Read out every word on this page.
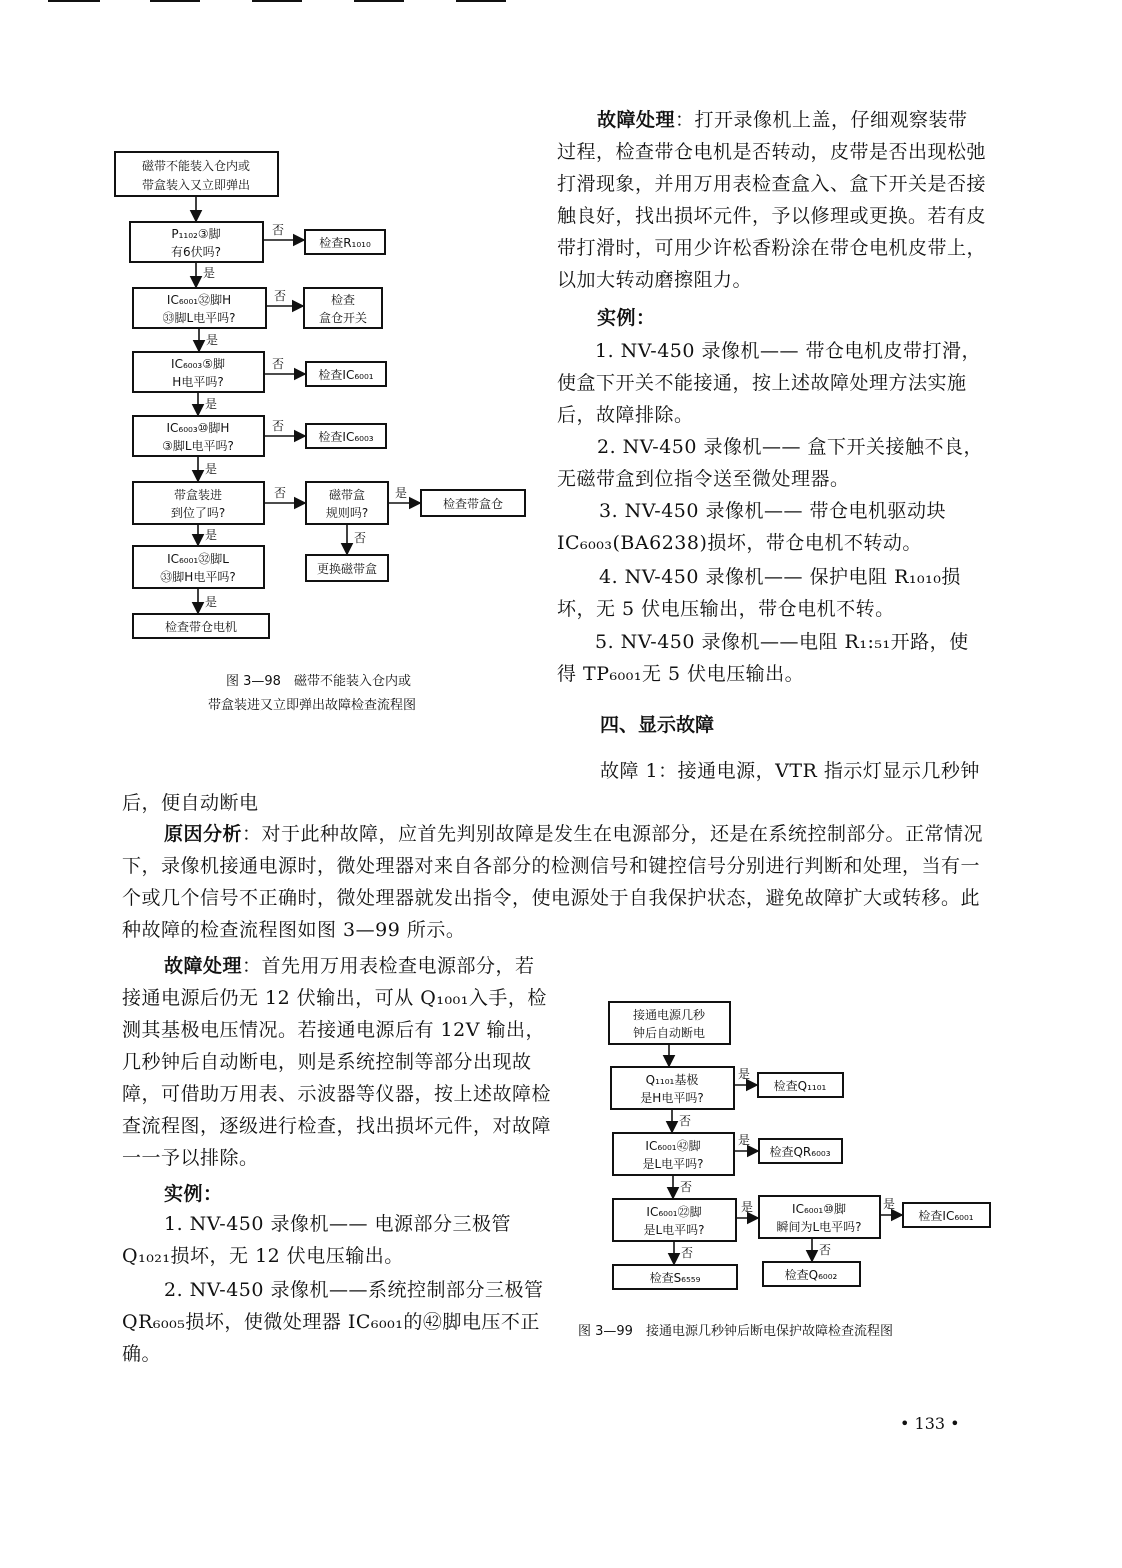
磁带不能装入仓内或
带盒装入又立即弹出
P₁₁₀₂③脚
有6伏吗?
否
检查R₁₀₁₀
是
IC₆₀₀₁㉜脚H
㉝脚L电平吗?
否	检查
盒仓开关
是
IC₆₀₀₃⑤脚
H电平吗?
否
检查IC₆₀₀₁
是
IC₆₀₀₃⑩脚H
③脚L电平吗?
否
检查IC₆₀₀₃
是
带盒装进
到位了吗?
否	磁带盒
规则吗?
是
检查带盒仓
否
更换磁带盒
是
IC₆₀₀₁㉜脚L
㉝脚H电平吗?
是
检查带仓电机
接通电源几秒
钟后自动断电
Q₁₁₀₁基极
是H电平吗?
是
检查Q₁₁₀₁
否
IC₆₀₀₁㊷脚
是L电平吗?
是
检查QR₆₀₀₃
否
IC₆₀₀₁㉒脚
是L电平吗?
是	IC₆₀₀₁⑩脚
瞬间为L电平吗?
是
检查IC₆₀₀₁
否
检查S₆₅₅₉
否
检查Q₆₀₀₂
图 3—98　磁带不能装入仓内或
带盒装进又立即弹出故障检查流程图
图 3—99　接通电源几秒钟后断电保护故障检查流程图

故障处理：打开录像机上盖，仔细观察装带过程，检查带仓电机是否转动，皮带是否出现松弛打滑现象，并用万用表检查盒入、盒下开关是否接触良好，找出损坏元件，予以修理或更换。若有皮带打滑时，可用少许松香粉涂在带仓电机皮带上，以加大转动磨擦阻力。

实例：

1. NV-450 录像机—— 带仓电机皮带打滑，使盒下开关不能接通，按上述故障处理方法实施后，故障排除。

2. NV-450 录像机—— 盒下开关接触不良，无磁带盒到位指令送至微处理器。

3. NV-450 录像机—— 带仓电机驱动块IC₆₀₀₃(BA6238)损坏，带仓电机不转动。

4. NV-450 录像机—— 保护电阻 R₁₀₁₀损坏，无 5 伏电压输出，带仓电机不转。

5. NV-450 录像机——电阻 R₁:₅₁开路，使得 TP₆₀₀₁无 5 伏电压输出。

四、显示故障

故障 1：接通电源，VTR 指示灯显示几秒钟后，便自动断电

原因分析：对于此种故障，应首先判别故障是发生在电源部分，还是在系统控制部分。正常情况下，录像机接通电源时，微处理器对来自各部分的检测信号和键控信号分别进行判断和处理，当有一个或几个信号不正确时，微处理器就发出指令，使电源处于自我保护状态，避免故障扩大或转移。此种故障的检查流程图如图 3—99 所示。

故障处理：首先用万用表检查电源部分，若接通电源后仍无 12 伏输出，可从 Q₁₀₀₁入手，检测其基极电压情况。若接通电源后有 12V 输出，几秒钟后自动断电，则是系统控制等部分出现故障，可借助万用表、示波器等仪器，按上述故障检查流程图，逐级进行检查，找出损坏元件，对故障一一予以排除。

实例：

1. NV-450 录像机—— 电源部分三极管Q₁₀₂₁损坏，无 12 伏电压输出。

2. NV-450 录像机——系统控制部分三极管 QR₆₀₀₅损坏，使微处理器 IC₆₀₀₁的㊷脚电压不正确。

• 133 •
